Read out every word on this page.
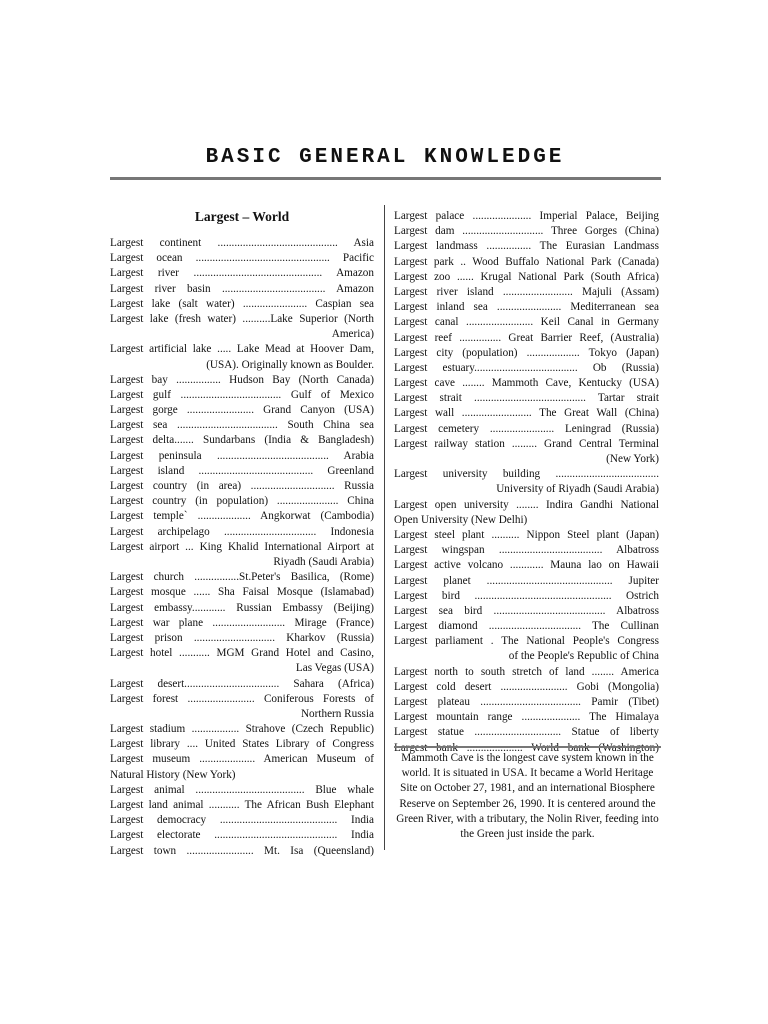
BASIC GENERAL KNOWLEDGE
Largest – World
Largest continent ........................................... Asia
Largest ocean ................................................ Pacific
Largest river .............................................. Amazon
Largest river basin ..................................... Amazon
Largest lake (salt water) ....................... Caspian sea
Largest lake (fresh water) ..........Lake Superior (North
America)
Largest artificial lake ..... Lake Mead at Hoover Dam,
(USA). Originally known as Boulder.
Largest bay ................ Hudson Bay (North Canada)
Largest gulf .................................... Gulf of Mexico
Largest gorge ........................ Grand Canyon (USA)
Largest sea .................................... South China sea
Largest delta....... Sundarbans (India & Bangladesh)
Largest peninsula ........................................ Arabia
Largest island ......................................... Greenland
Largest country (in area) .............................. Russia
Largest country (in population) ...................... China
Largest temple` ................... Angkorwat (Cambodia)
Largest archipelago ................................. Indonesia
Largest airport ... King Khalid International Airport at
Riyadh (Saudi Arabia)
Largest church ................St.Peter's Basilica, (Rome)
Largest mosque ...... Sha Faisal Mosque (Islamabad)
Largest embassy............ Russian Embassy (Beijing)
Largest war plane .......................... Mirage (France)
Largest prison ............................. Kharkov (Russia)
Largest hotel ........... MGM Grand Hotel and Casino,
Las Vegas (USA)
Largest desert.................................. Sahara (Africa)
Largest forest ........................ Coniferous Forests of
Northern Russia
Largest stadium ................. Strahove (Czech Republic)
Largest library .... United States Library of Congress
Largest museum .................... American Museum of
Natural History (New York)
Largest animal ....................................... Blue whale
Largest land animal ........... The African Bush Elephant
Largest democracy .......................................... India
Largest electorate ............................................ India
Largest town ........................ Mt. Isa (Queensland)
Largest palace ..................... Imperial Palace, Beijing
Largest dam ............................. Three Gorges (China)
Largest landmass ................ The Eurasian Landmass
Largest park .. Wood Buffalo National Park (Canada)
Largest zoo ...... Krugal National Park (South Africa)
Largest river island ......................... Majuli (Assam)
Largest inland sea ....................... Mediterranean sea
Largest canal ........................ Keil Canal in Germany
Largest reef ............... Great Barrier Reef, (Australia)
Largest city (population) ................... Tokyo (Japan)
Largest estuary..................................... Ob (Russia)
Largest cave ........ Mammoth Cave, Kentucky (USA)
Largest strait ........................................ Tartar strait
Largest wall ......................... The Great Wall (China)
Largest cemetery ....................... Leningrad (Russia)
Largest railway station ......... Grand Central Terminal
(New York)
Largest university building .....................................
University of Riyadh (Saudi Arabia)
Largest open university ........ Indira Gandhi National
Open University (New Delhi)
Largest steel plant .......... Nippon Steel plant (Japan)
Largest wingspan ..................................... Albatross
Largest active volcano ............ Mauna lao on Hawaii
Largest planet ............................................. Jupiter
Largest bird ................................................. Ostrich
Largest sea bird ........................................ Albatross
Largest diamond ................................. The Cullinan
Largest parliament . The National People's Congress
of the People's Republic of China
Largest north to south stretch of land ........ America
Largest cold desert ........................ Gobi (Mongolia)
Largest plateau .................................... Pamir (Tibet)
Largest mountain range ..................... The Himalaya
Largest statue ............................... Statue of liberty
Mammoth Cave is the longest cave system known in the world. It is situated in USA. It became a World Heritage Site on October 27, 1981, and an international Biosphere Reserve on September 26, 1990. It is centered around the Green River, with a tributary, the Nolin River, feeding into the Green just inside the park.
